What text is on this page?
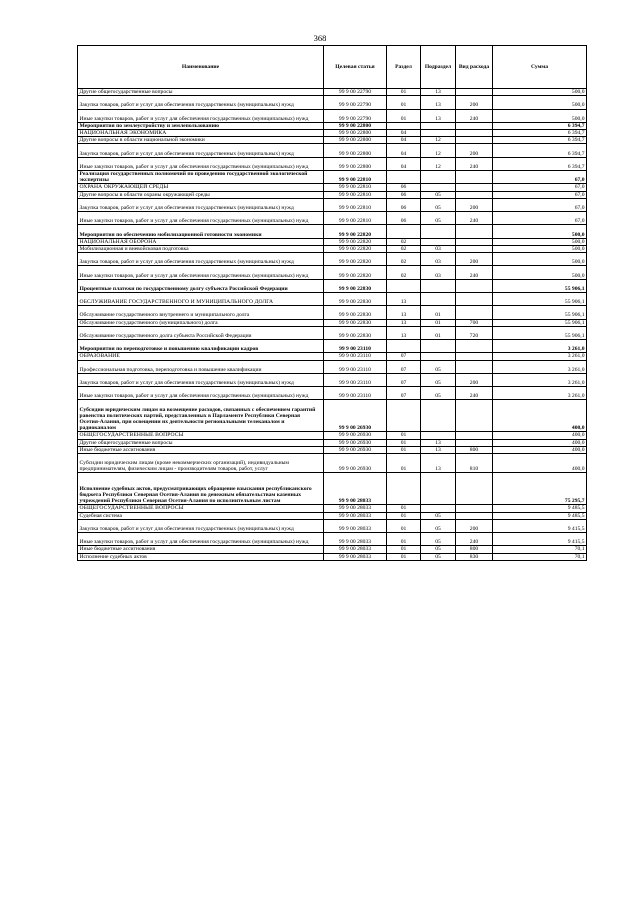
368
Наименование	Целевая статья	Раздел	Подраздел	Вид расхода	Сумма
Другие общегосударственные вопросы	99 9 00 22790	01	13		500,0
Закупка товаров, работ и услуг для обеспечения государственных (муниципальных) нужд	99 9 00 22790	01	13	200	500,0
Иные закупки товаров, работ и услуг для обеспечения государственных (муниципальных) нужд	99 9 00 22790	01	13	240	500,0
Мероприятия по землеустройству и землепользованию	99 9 00 22800				6 394,7
НАЦИОНАЛЬНАЯ ЭКОНОМИКА	99 9 00 22800	04			6 394,7
Другие вопросы в области национальной экономики	99 9 00 22800	04	12		6 394,7
Закупка товаров, работ и услуг для обеспечения государственных (муниципальных) нужд	99 9 00 22800	04	12	200	6 394,7
Иные закупки товаров, работ и услуг для обеспечения государственных (муниципальных) нужд	99 9 00 22800	04	12	240	6 394,7
Реализация государственных полномочий по проведению государственной экологической экспертизы	99 9 00 22810				67,0
ОХРАНА ОКРУЖАЮЩЕЙ СРЕДЫ	99 9 00 22810	06			67,0
Другие вопросы в области охраны окружающей среды	99 9 00 22810	06	05		67,0
Закупка товаров, работ и услуг для обеспечения государственных (муниципальных) нужд	99 9 00 22810	06	05	200	67,0
Иные закупки товаров, работ и услуг для обеспечения государственных (муниципальных) нужд	99 9 00 22810	06	05	240	67,0
Мероприятия по обеспечению мобилизационной готовности экономики	99 9 00 22820				500,0
НАЦИОНАЛЬНАЯ ОБОРОНА	99 9 00 22820	02			500,0
Мобилизационная и вневойсковая подготовка	99 9 00 22820	02	03		500,0
Закупка товаров, работ и услуг для обеспечения государственных (муниципальных) нужд	99 9 00 22820	02	03	200	500,0
Иные закупки товаров, работ и услуг для обеспечения государственных (муниципальных) нужд	99 9 00 22820	02	03	240	500,0
Процентные платежи по государственному долгу субъекта Российской Федерации	99 9 00 22830				55 906,1
ОБСЛУЖИВАНИЕ ГОСУДАРСТВЕННОГО И МУНИЦИПАЛЬНОГО ДОЛГА	99 9 00 22830	13			55 906,1
Обслуживание государственного внутреннего и муниципального долга	99 9 00 22830	13	01		55 906,1
Обслуживание государственного (муниципального) долга	99 9 00 22830	13	01	700	55 906,1
Обслуживание государственного долга субъекта Российской Федерации	99 9 00 22830	13	01	720	55 906,1
Мероприятия по переподготовке и повышению квалификации кадров	99 9 00 23110				3 261,0
ОБРАЗОВАНИЕ	99 9 00 23110	07			3 261,0
Профессиональная подготовка, переподготовка и повышение квалификации	99 9 00 23110	07	05		3 261,0
Закупка товаров, работ и услуг для обеспечения государственных (муниципальных) нужд	99 9 00 23110	07	05	200	3 261,0
Иные закупки товаров, работ и услуг для обеспечения государственных (муниципальных) нужд	99 9 00 23110	07	05	240	3 261,0
Субсидии юридическим лицам на возмещение расходов, связанных с обеспечением гарантий равенства политических партий, представленных в Парламенте Республики Северная Осетия-Алания, при освещении их деятельности региональными телеканалом и радиоканалом	99 9 00 26930				400,0
ОБЩЕГОСУДАРСТВЕННЫЕ ВОПРОСЫ	99 9 00 26930	01			400,0
Другие общегосударственные вопросы	99 9 00 26930	01	13		400,0
Иные бюджетные ассигнования	99 9 00 26930	01	13	800	400,0
Субсидии юридическим лицам (кроме некоммерческих организаций), индивидуальным предпринимателям, физическим лицам - производителям товаров, работ, услуг	99 9 00 26930	01	13	810	400,0
Исполнение судебных актов, предусматривающих обращение взыскания республиканского бюджета Республики Северная Осетия-Алания по денежным обязательствам казенных учреждений Республики Северная Осетия-Алания по исполнительным листам	99 9 00 28033				75 295,7
ОБЩЕГОСУДАРСТВЕННЫЕ ВОПРОСЫ	99 9 00 28033	01			9 485,5
Судебная система	99 9 00 28033	01	05		9 485,5
Закупка товаров, работ и услуг для обеспечения государственных (муниципальных) нужд	99 9 00 28033	01	05	200	9 415,5
Иные закупки товаров, работ и услуг для обеспечения государственных (муниципальных) нужд	99 9 00 28033	01	05	240	9 415,5
Иные бюджетные ассигнования	99 9 00 28033	01	05	800	70,1
Исполнение судебных актов	99 9 00 28033	01	05	830	70,1
